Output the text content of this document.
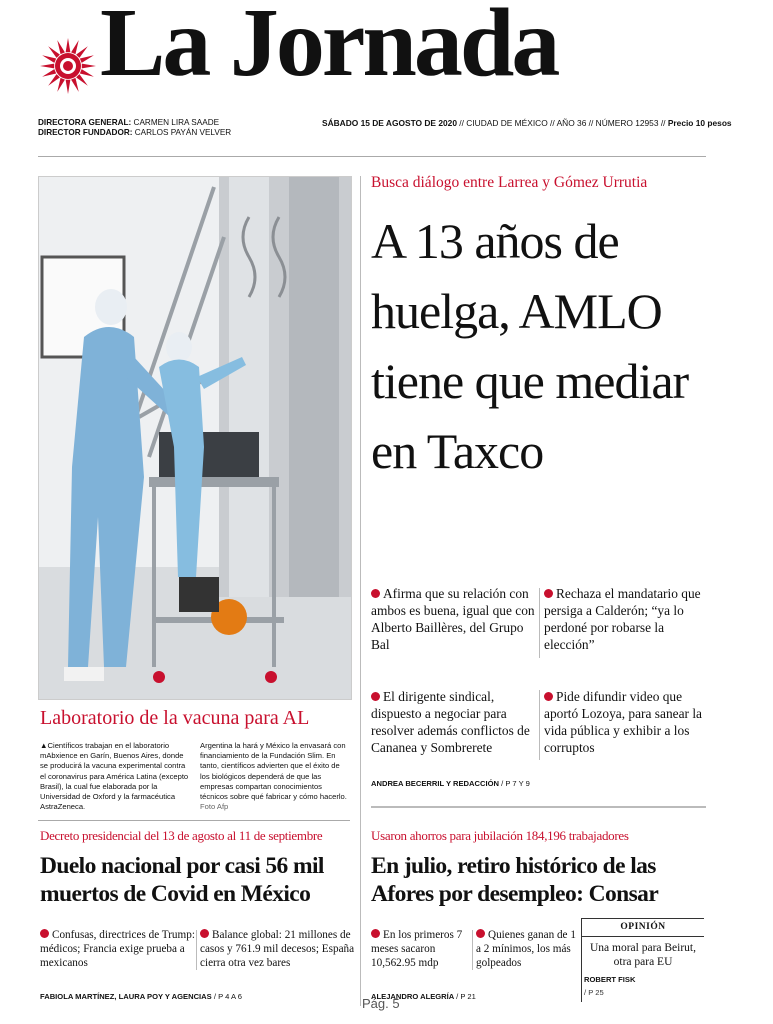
La Jornada
DIRECTORA GENERAL: CARMEN LIRA SAADE
DIRECTOR FUNDADOR: CARLOS PAYÁN VELVER
SÁBADO 15 DE AGOSTO DE 2020 // CIUDAD DE MÉXICO // AÑO 36 // NÚMERO 12953 // Precio 10 pesos
Laboratorio de la vacuna para AL
▲Científicos trabajan en el laboratorio mAbxience en Garín, Buenos Aires, donde se producirá la vacuna experimental contra el coronavirus para América Latina (excepto Brasil), la cual fue elaborada por la Universidad de Oxford y la farmacéutica AstraZeneca.
Argentina la hará y México la envasará con financiamiento de la Fundación Slim. En tanto, científicos advierten que el éxito de los biológicos dependerá de que las empresas compartan conocimientos técnicos sobre qué fabricar y cómo hacerlo. Foto Afp
Busca diálogo entre Larrea y Gómez Urrutia
A 13 años de huelga, AMLO tiene que mediar en Taxco
Afirma que su relación con ambos es buena, igual que con Alberto Baillères, del Grupo Bal
Rechaza el mandatario que persiga a Calderón; “ya lo perdoné por robarse la elección”
El dirigente sindical, dispuesto a negociar para resolver además conflictos de Cananea y Sombrerete
Pide difundir video que aportó Lozoya, para sanear la vida pública y exhibir a los corruptos
ANDREA BECERRIL Y REDACCIÓN / P 7 Y 9
Decreto presidencial del 13 de agosto al 11 de septiembre
Duelo nacional por casi 56 mil muertos de Covid en México
Confusas, directrices de Trump: médicos; Francia exige prueba a mexicanos
Balance global: 21 millones de casos y 761.9 mil decesos; España cierra otra vez bares
FABIOLA MARTÍNEZ, LAURA POY Y AGENCIAS / P 4 A 6
Usaron ahorros para jubilación 184,196 trabajadores
En julio, retiro histórico de las Afores por desempleo: Consar
En los primeros 7 meses sacaron 10,562.95 mdp
Quienes ganan de 1 a 2 mínimos, los más golpeados
ALEJANDRO ALEGRÍA / P 21
OPINIÓN
Una moral para Beirut, otra para EU
ROBERT FISK
/ P 25
Pág. 5
